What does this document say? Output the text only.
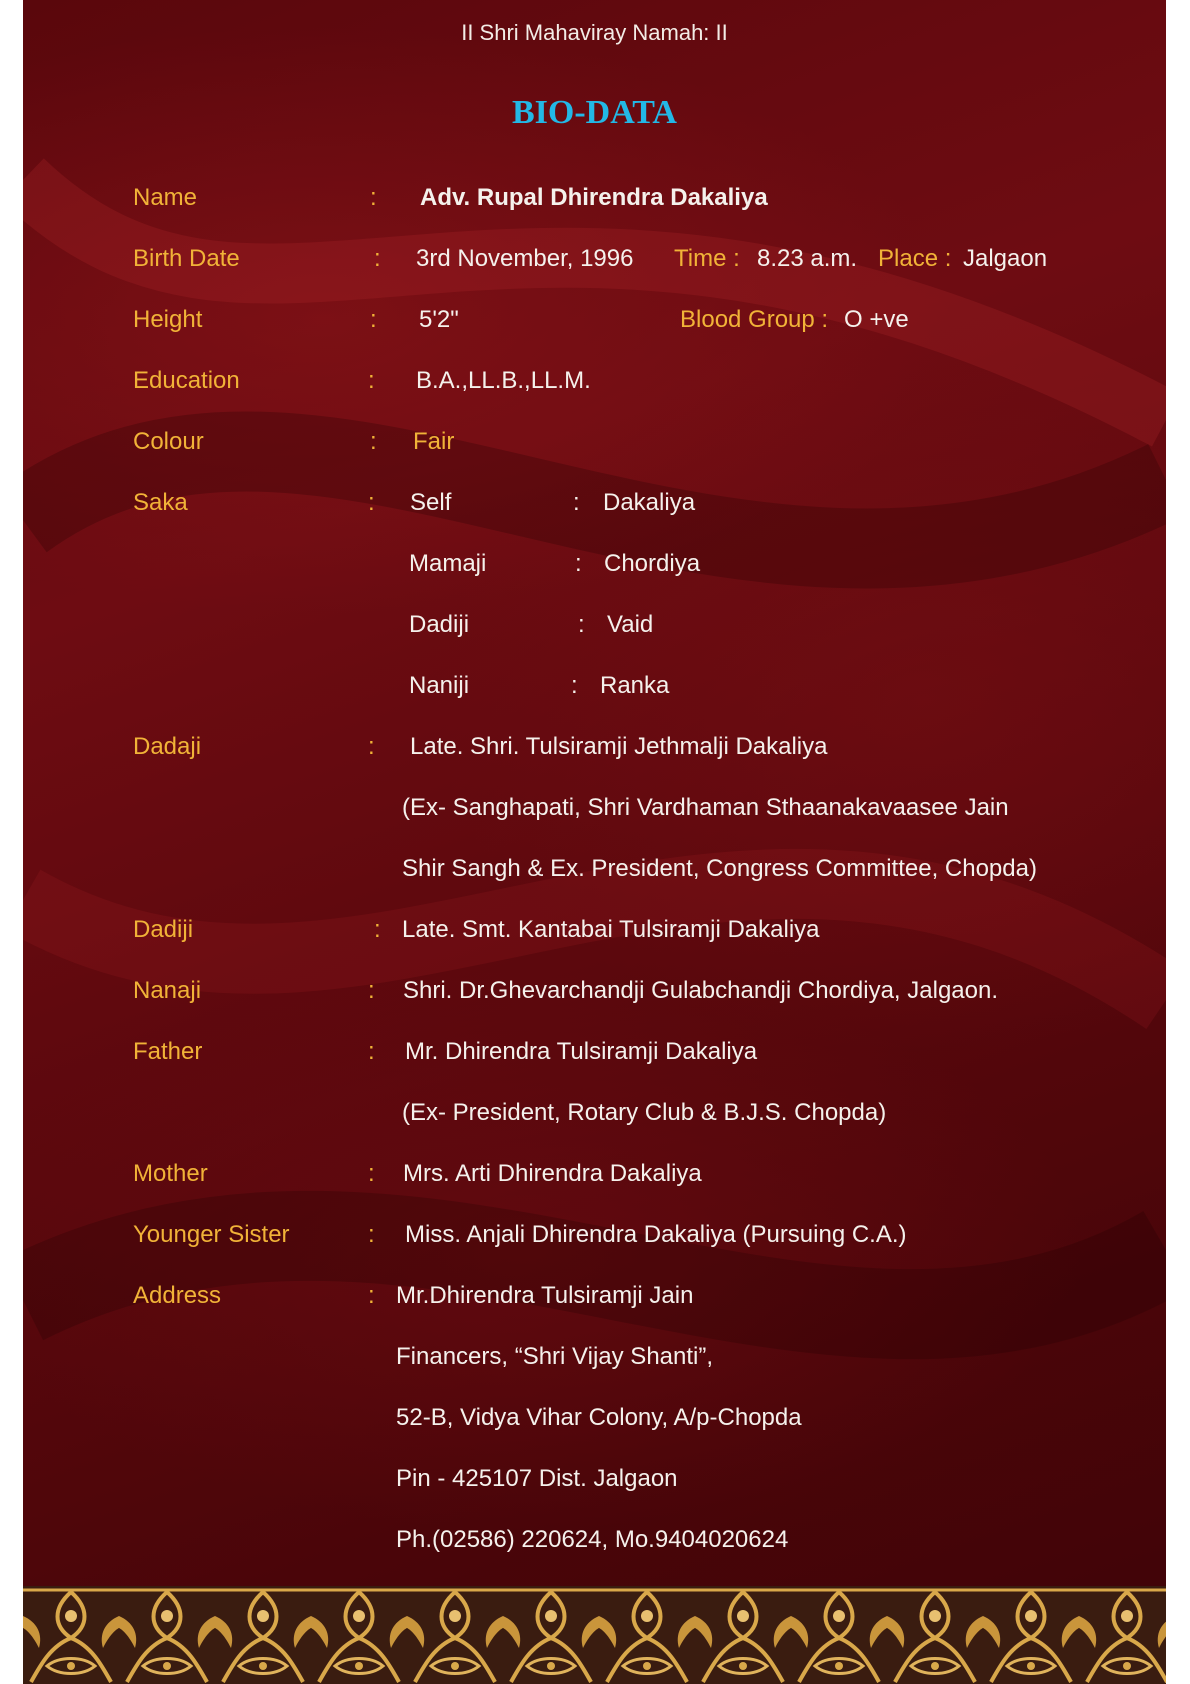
II Shri Mahaviray Namah: II
BIO-DATA
Name	: Adv. Rupal Dhirendra Dakaliya
Birth Date	: 3rd November, 1996 Time : 8.23 a.m. Place : Jalgaon
Height	: 5'2"	Blood Group : O +ve
Education	: B.A.,LL.B.,LL.M.
Colour	: Fair
Saka	: Self	: Dakaliya
Mamaji	: Chordiya
Dadiji	: Vaid
Naniji	: Ranka
Dadaji	: Late. Shri. Tulsiramji Jethmalji Dakaliya
(Ex- Sanghapati, Shri Vardhaman Sthaanakavaasee Jain
Shir Sangh & Ex. President, Congress Committee, Chopda)
Dadiji	: Late. Smt. Kantabai Tulsiramji Dakaliya
Nanaji	: Shri. Dr.Ghevarchandji Gulabchandji Chordiya, Jalgaon.
Father	: Mr. Dhirendra Tulsiramji Dakaliya
(Ex- President, Rotary Club & B.J.S. Chopda)
Mother	: Mrs. Arti Dhirendra Dakaliya
Younger Sister	: Miss. Anjali Dhirendra Dakaliya (Pursuing C.A.)
Address	: Mr.Dhirendra Tulsiramji Jain
Financers, “Shri Vijay Shanti”,
52-B, Vidya Vihar Colony, A/p-Chopda
Pin - 425107 Dist. Jalgaon
Ph.(02586) 220624, Mo.9404020624
